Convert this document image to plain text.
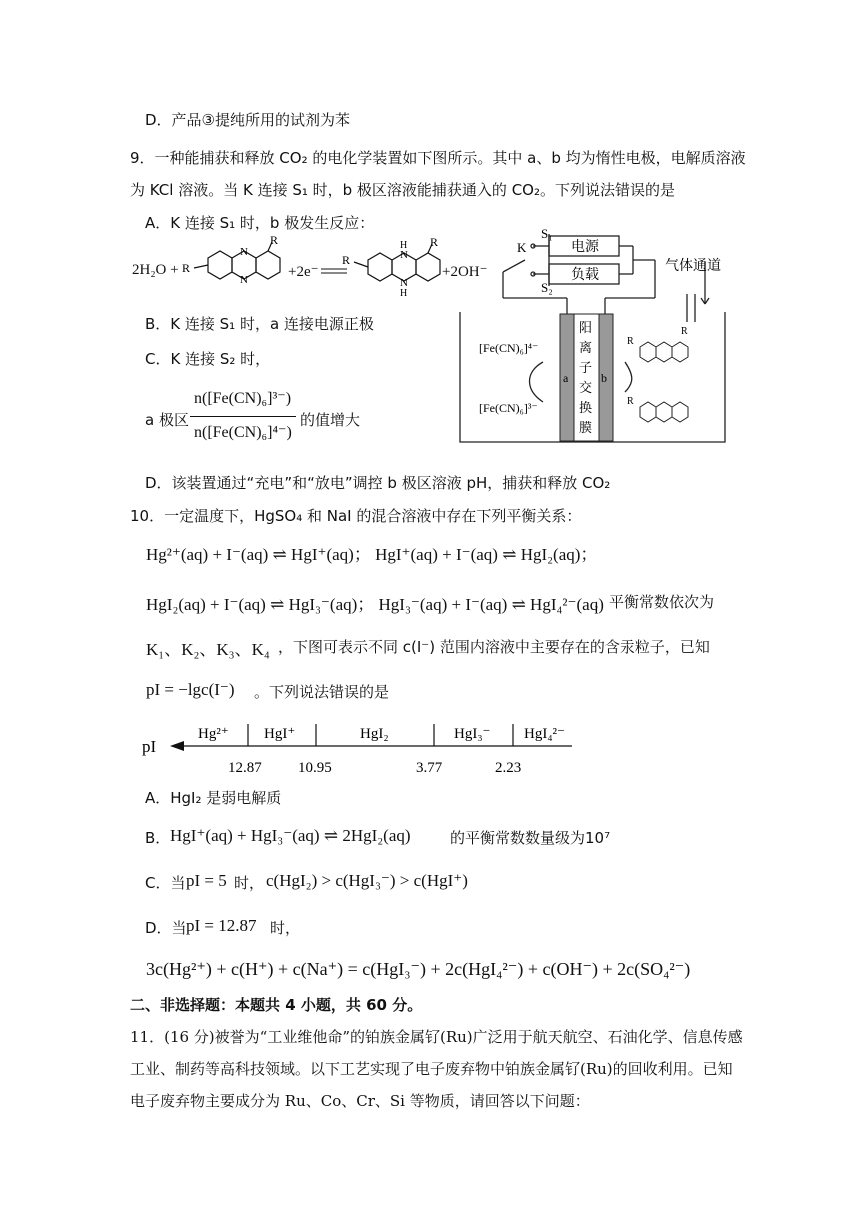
D．产品③提纯所用的试剂为苯
9．一种能捕获和释放 CO₂ 的电化学装置如下图所示。其中 a、b 均为惰性电极，电解质溶液
为 KCl 溶液。当 K 连接 S₁ 时，b 极区溶液能捕获通入的 CO₂。下列说法错误的是
A．K 连接 S₁ 时，b 极发生反应：
2H₂O + R
R
N
N	+2e⁻
R
R
H
N
N
H
+2OH⁻
S₁
K
S₂
电源
负载
气体通道
a	b
阳
离
子
交
换
膜
[Fe(CN)₆]⁴⁻
[Fe(CN)₆]³⁻
R
R
R
B．K 连接 S₁ 时，a 连接电源正极
C．K 连接 S₂ 时，
a 极区
n([Fe(CN)₆]³⁻)
n([Fe(CN)₆]⁴⁻)
的值增大
D．该装置通过“充电”和“放电”调控 b 极区溶液 pH，捕获和释放 CO₂
10．一定温度下，HgSO₄ 和 NaI 的混合溶液中存在下列平衡关系：
Hg²⁺(aq) + I⁻(aq) ⇌ HgI⁺(aq)； HgI⁺(aq) + I⁻(aq) ⇌ HgI₂(aq)；
HgI₂(aq) + I⁻(aq) ⇌ HgI₃⁻(aq)； HgI₃⁻(aq) + I⁻(aq) ⇌ HgI₄²⁻(aq)
，平衡常数依次为
K₁、K₂、K₃、K₄ ，下图可表示不同 c(I⁻) 范围内溶液中主要存在的含汞粒子，已知
pI = −lgc(I⁻) 。下列说法错误的是
pI
Hg²⁺ HgI⁺	HgI₂	HgI₃⁻ HgI₄²⁻
12.87 10.95	3.77	2.23
A．HgI₂ 是弱电解质
B． HgI⁺(aq) + HgI₃⁻(aq) ⇌ 2HgI₂(aq)	的平衡常数数量级为10⁷
C．当 pI = 5 时， c(HgI₂) > c(HgI₃⁻) > c(HgI⁺)
D．当 pI = 12.87 时，
3c(Hg²⁺) + c(H⁺) + c(Na⁺) = c(HgI₃⁻) + 2c(HgI₄²⁻) + c(OH⁻) + 2c(SO₄²⁻)
二、非选择题：本题共 4 小题，共 60 分。
11．(16 分)被誉为“工业维他命”的铂族金属钌(Ru)广泛用于航天航空、石油化学、信息传感
工业、制药等高科技领域。以下工艺实现了电子废弃物中铂族金属钌(Ru)的回收利用。已知
电子废弃物主要成分为 Ru、Co、Cr、Si 等物质，请回答以下问题：
